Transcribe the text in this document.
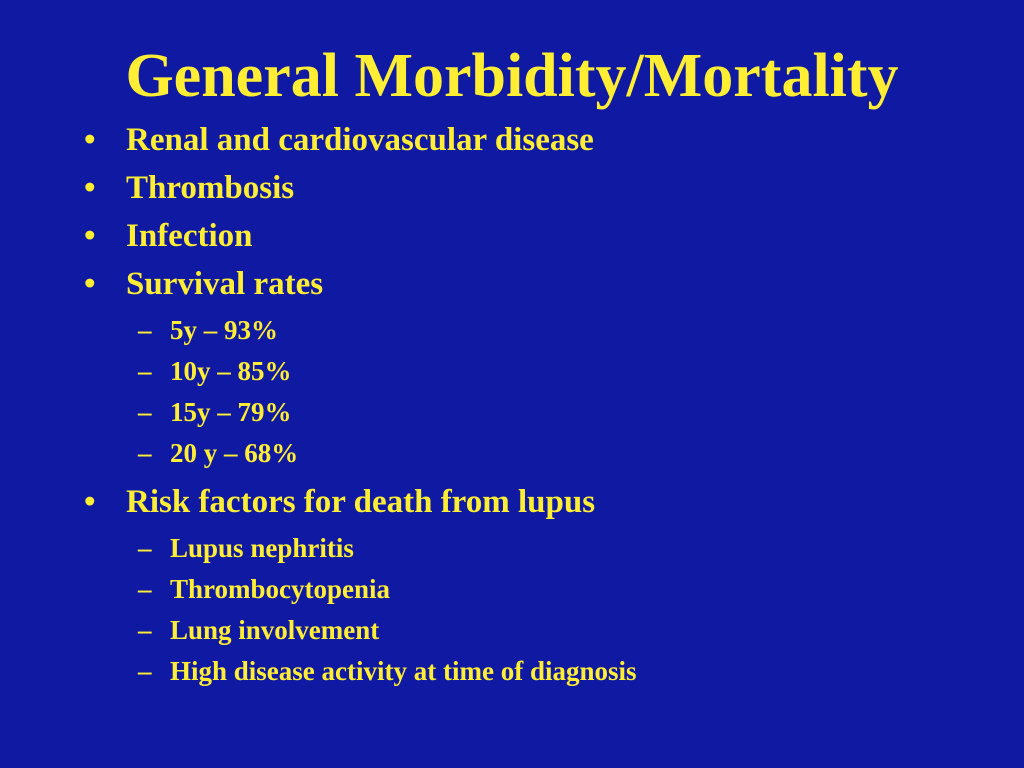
General Morbidity/Mortality
• Renal and cardiovascular disease
• Thrombosis
• Infection
• Survival rates
– 5y – 93%
– 10y – 85%
– 15y – 79%
– 20 y – 68%
• Risk factors for death from lupus
– Lupus nephritis
– Thrombocytopenia
– Lung involvement
– High disease activity at time of diagnosis
